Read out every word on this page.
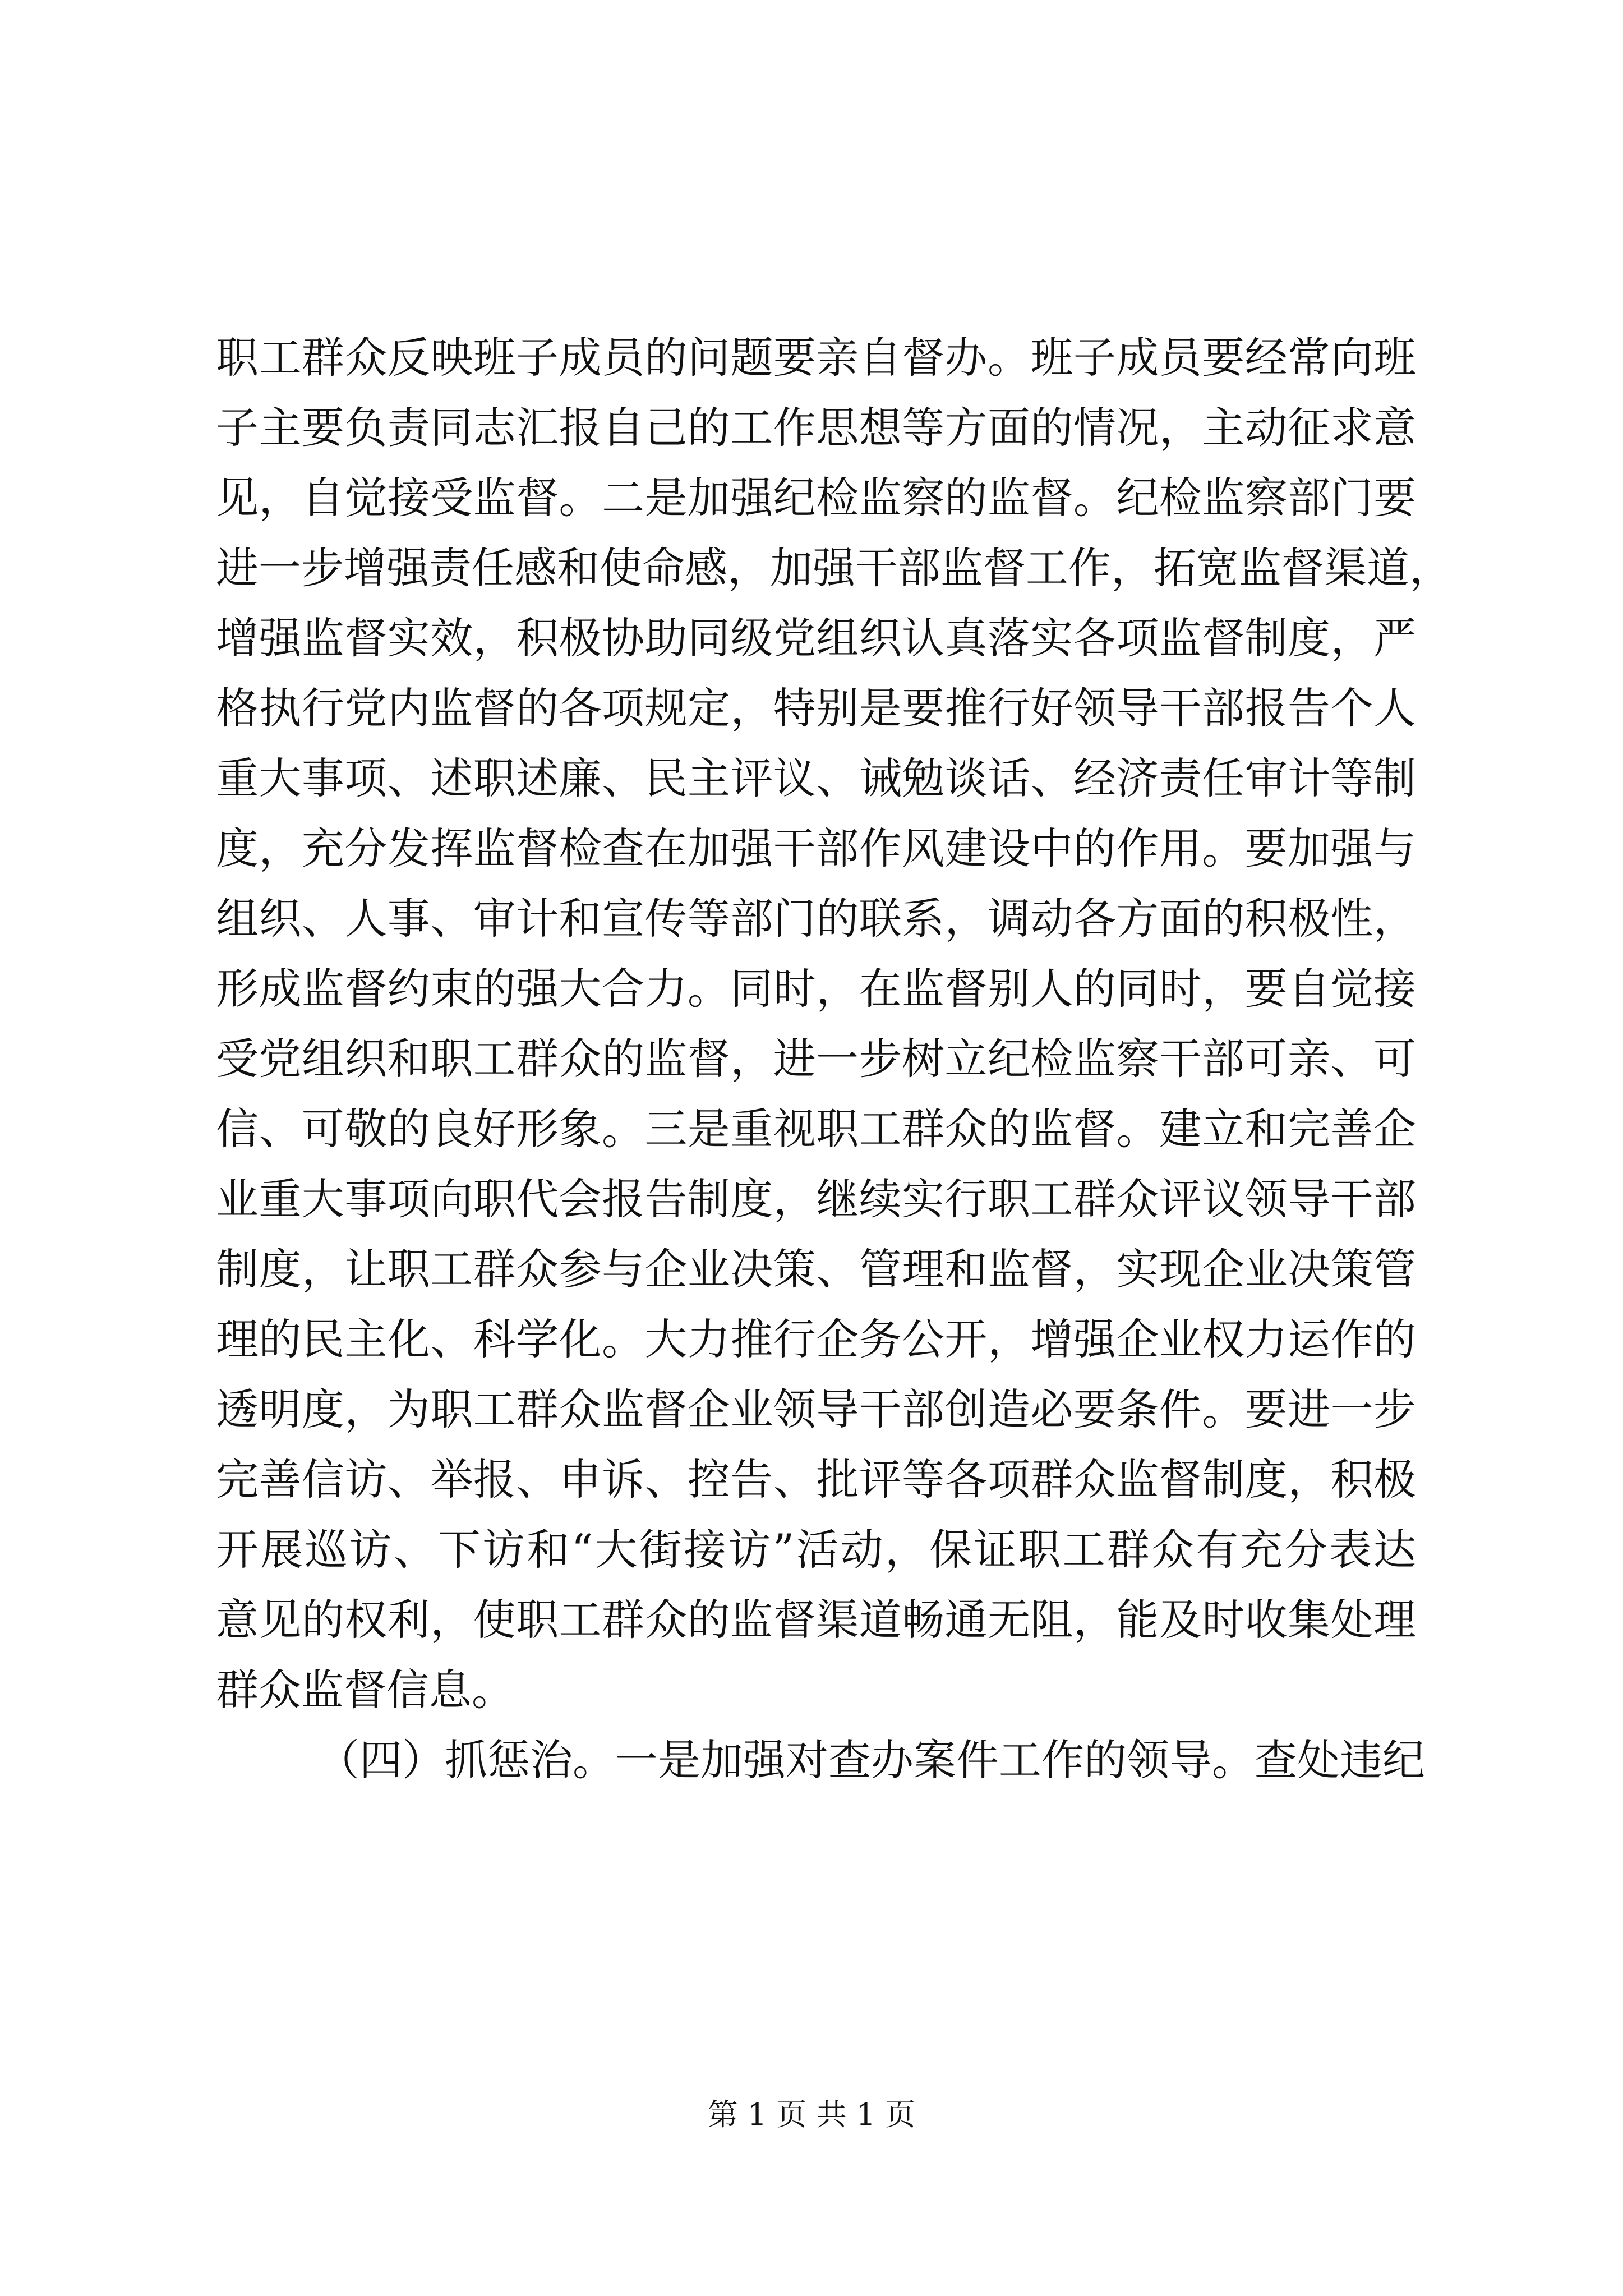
职工群众反映班子成员的问题要亲自督办。班子成员要经常向班
子主要负责同志汇报自己的工作思想等方面的情况，主动征求意
见，自觉接受监督。二是加强纪检监察的监督。纪检监察部门要
进一步增强责任感和使命感，加强干部监督工作，拓宽监督渠道，
增强监督实效，积极协助同级党组织认真落实各项监督制度，严
格执行党内监督的各项规定，特别是要推行好领导干部报告个人
重大事项、述职述廉、民主评议、诫勉谈话、经济责任审计等制
度，充分发挥监督检查在加强干部作风建设中的作用。要加强与
组织、人事、审计和宣传等部门的联系，调动各方面的积极性，
形成监督约束的强大合力。同时，在监督别人的同时，要自觉接
受党组织和职工群众的监督，进一步树立纪检监察干部可亲、可
信、可敬的良好形象。三是重视职工群众的监督。建立和完善企
业重大事项向职代会报告制度，继续实行职工群众评议领导干部
制度，让职工群众参与企业决策、管理和监督，实现企业决策管
理的民主化、科学化。大力推行企务公开，增强企业权力运作的
透明度，为职工群众监督企业领导干部创造必要条件。要进一步
完善信访、举报、申诉、控告、批评等各项群众监督制度，积极
开展巡访、下访和“大街接访”活动，保证职工群众有充分表达
意见的权利，使职工群众的监督渠道畅通无阻，能及时收集处理
群众监督信息。
（四）抓惩治。一是加强对查办案件工作的领导。查处违纪
第 1 页 共 1 页
